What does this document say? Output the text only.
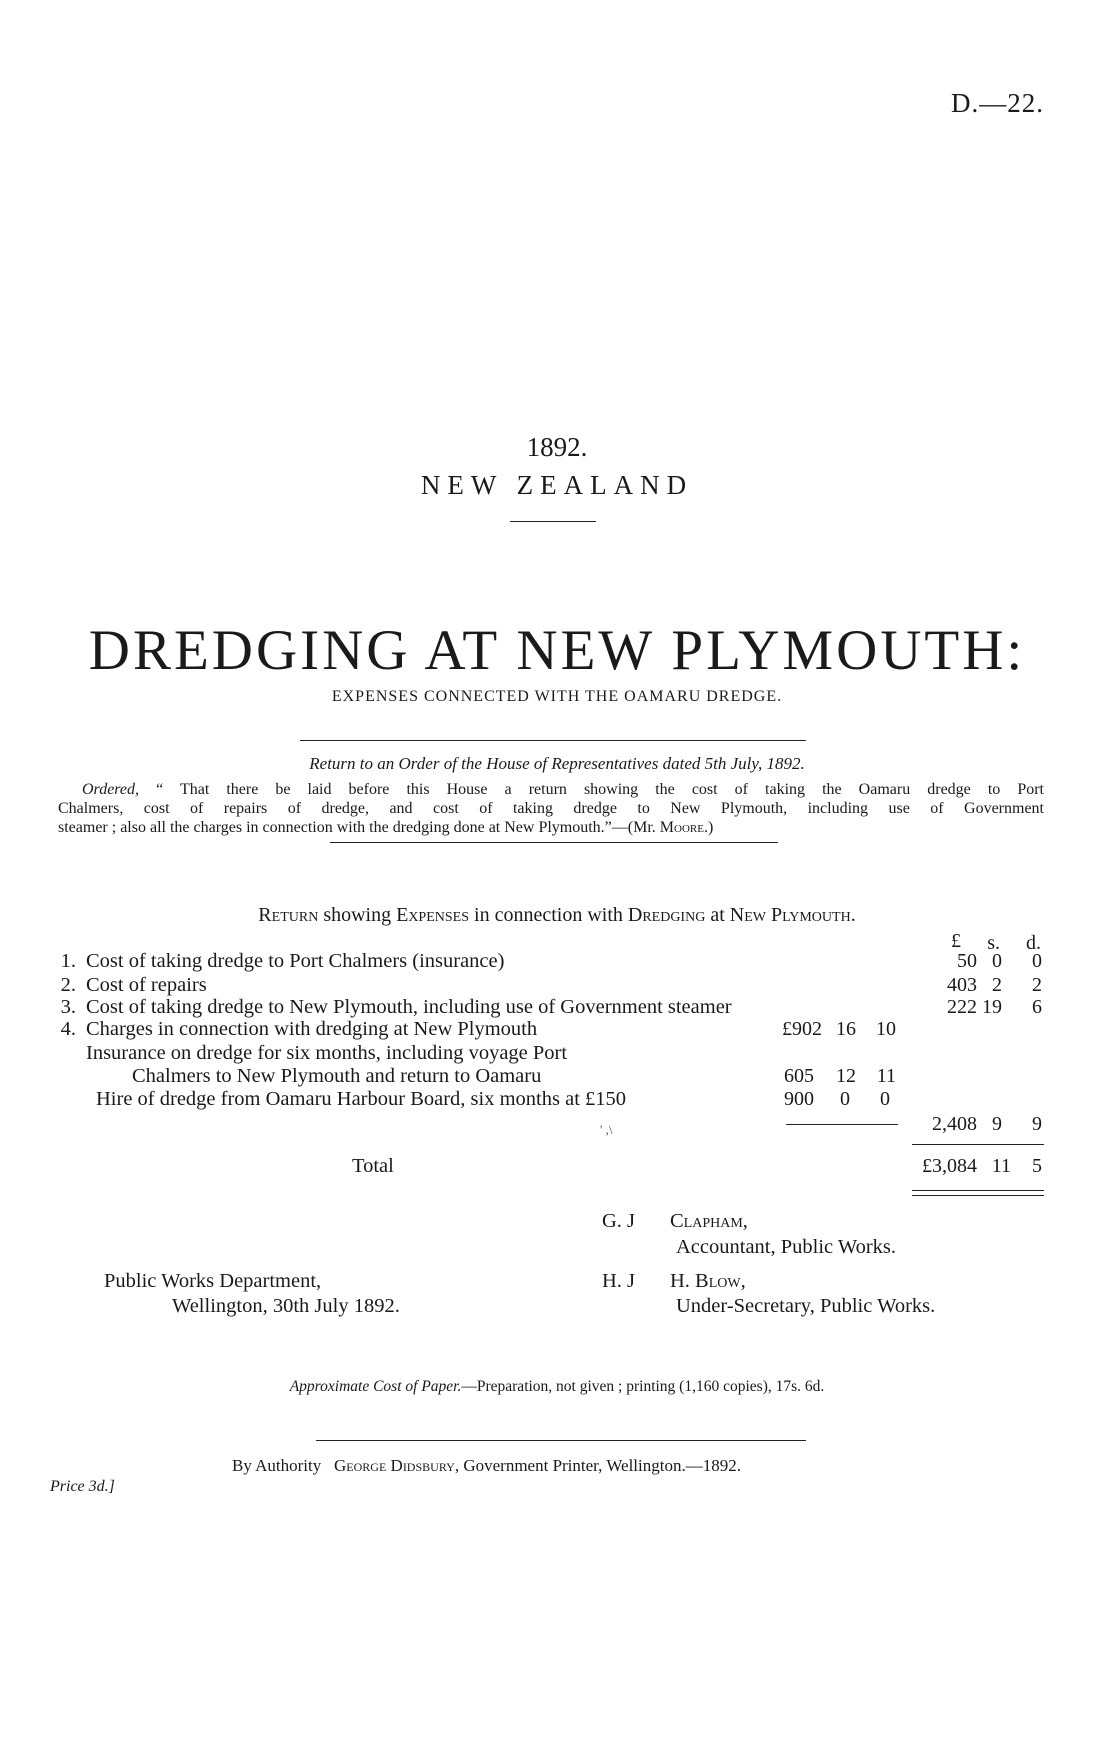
D.—22.
1892.
NEW ZEALAND
DREDGING AT NEW PLYMOUTH:
EXPENSES CONNECTED WITH THE OAMARU DREDGE.
Return to an Order of the House of Representatives dated 5th July, 1892.
Ordered, “ That there be laid before this House a return showing the cost of taking the Oamaru dredge to Port
Chalmers, cost of repairs of dredge, and cost of taking dredge to New Plymouth, including use of Government
steamer ; also all the charges in connection with the dredging done at New Plymouth.”—(Mr. Moore.)
Return showing Expenses in connection with Dredging at New Plymouth.
£ s. d.
1. Cost of taking dredge to Port Chalmers (insurance)	50 0 0
2. Cost of repairs	403 2 2
3. Cost of taking dredge to New Plymouth, including use of Government steamer	222 19 6
4. Charges in connection with dredging at New Plymouth	£902 16 10
Insurance on dredge for six months, including voyage Port
Chalmers to New Plymouth and return to Oamaru	605 12 11
Hire of dredge from Oamaru Harbour Board, six months at £150	900 0 0
2,408 9 9
' ,\
Total	£3,084 11 5
G. J Clapham,
Accountant, Public Works.
Public Works Department,	H. J H. Blow,
Wellington, 30th July 1892.	Under-Secretary, Public Works.
Approximate Cost of Paper.—Preparation, not given ; printing (1,160 copies), 17s. 6d.
By Authority George Didsbury, Government Printer, Wellington.—1892.
Price 3d.]
